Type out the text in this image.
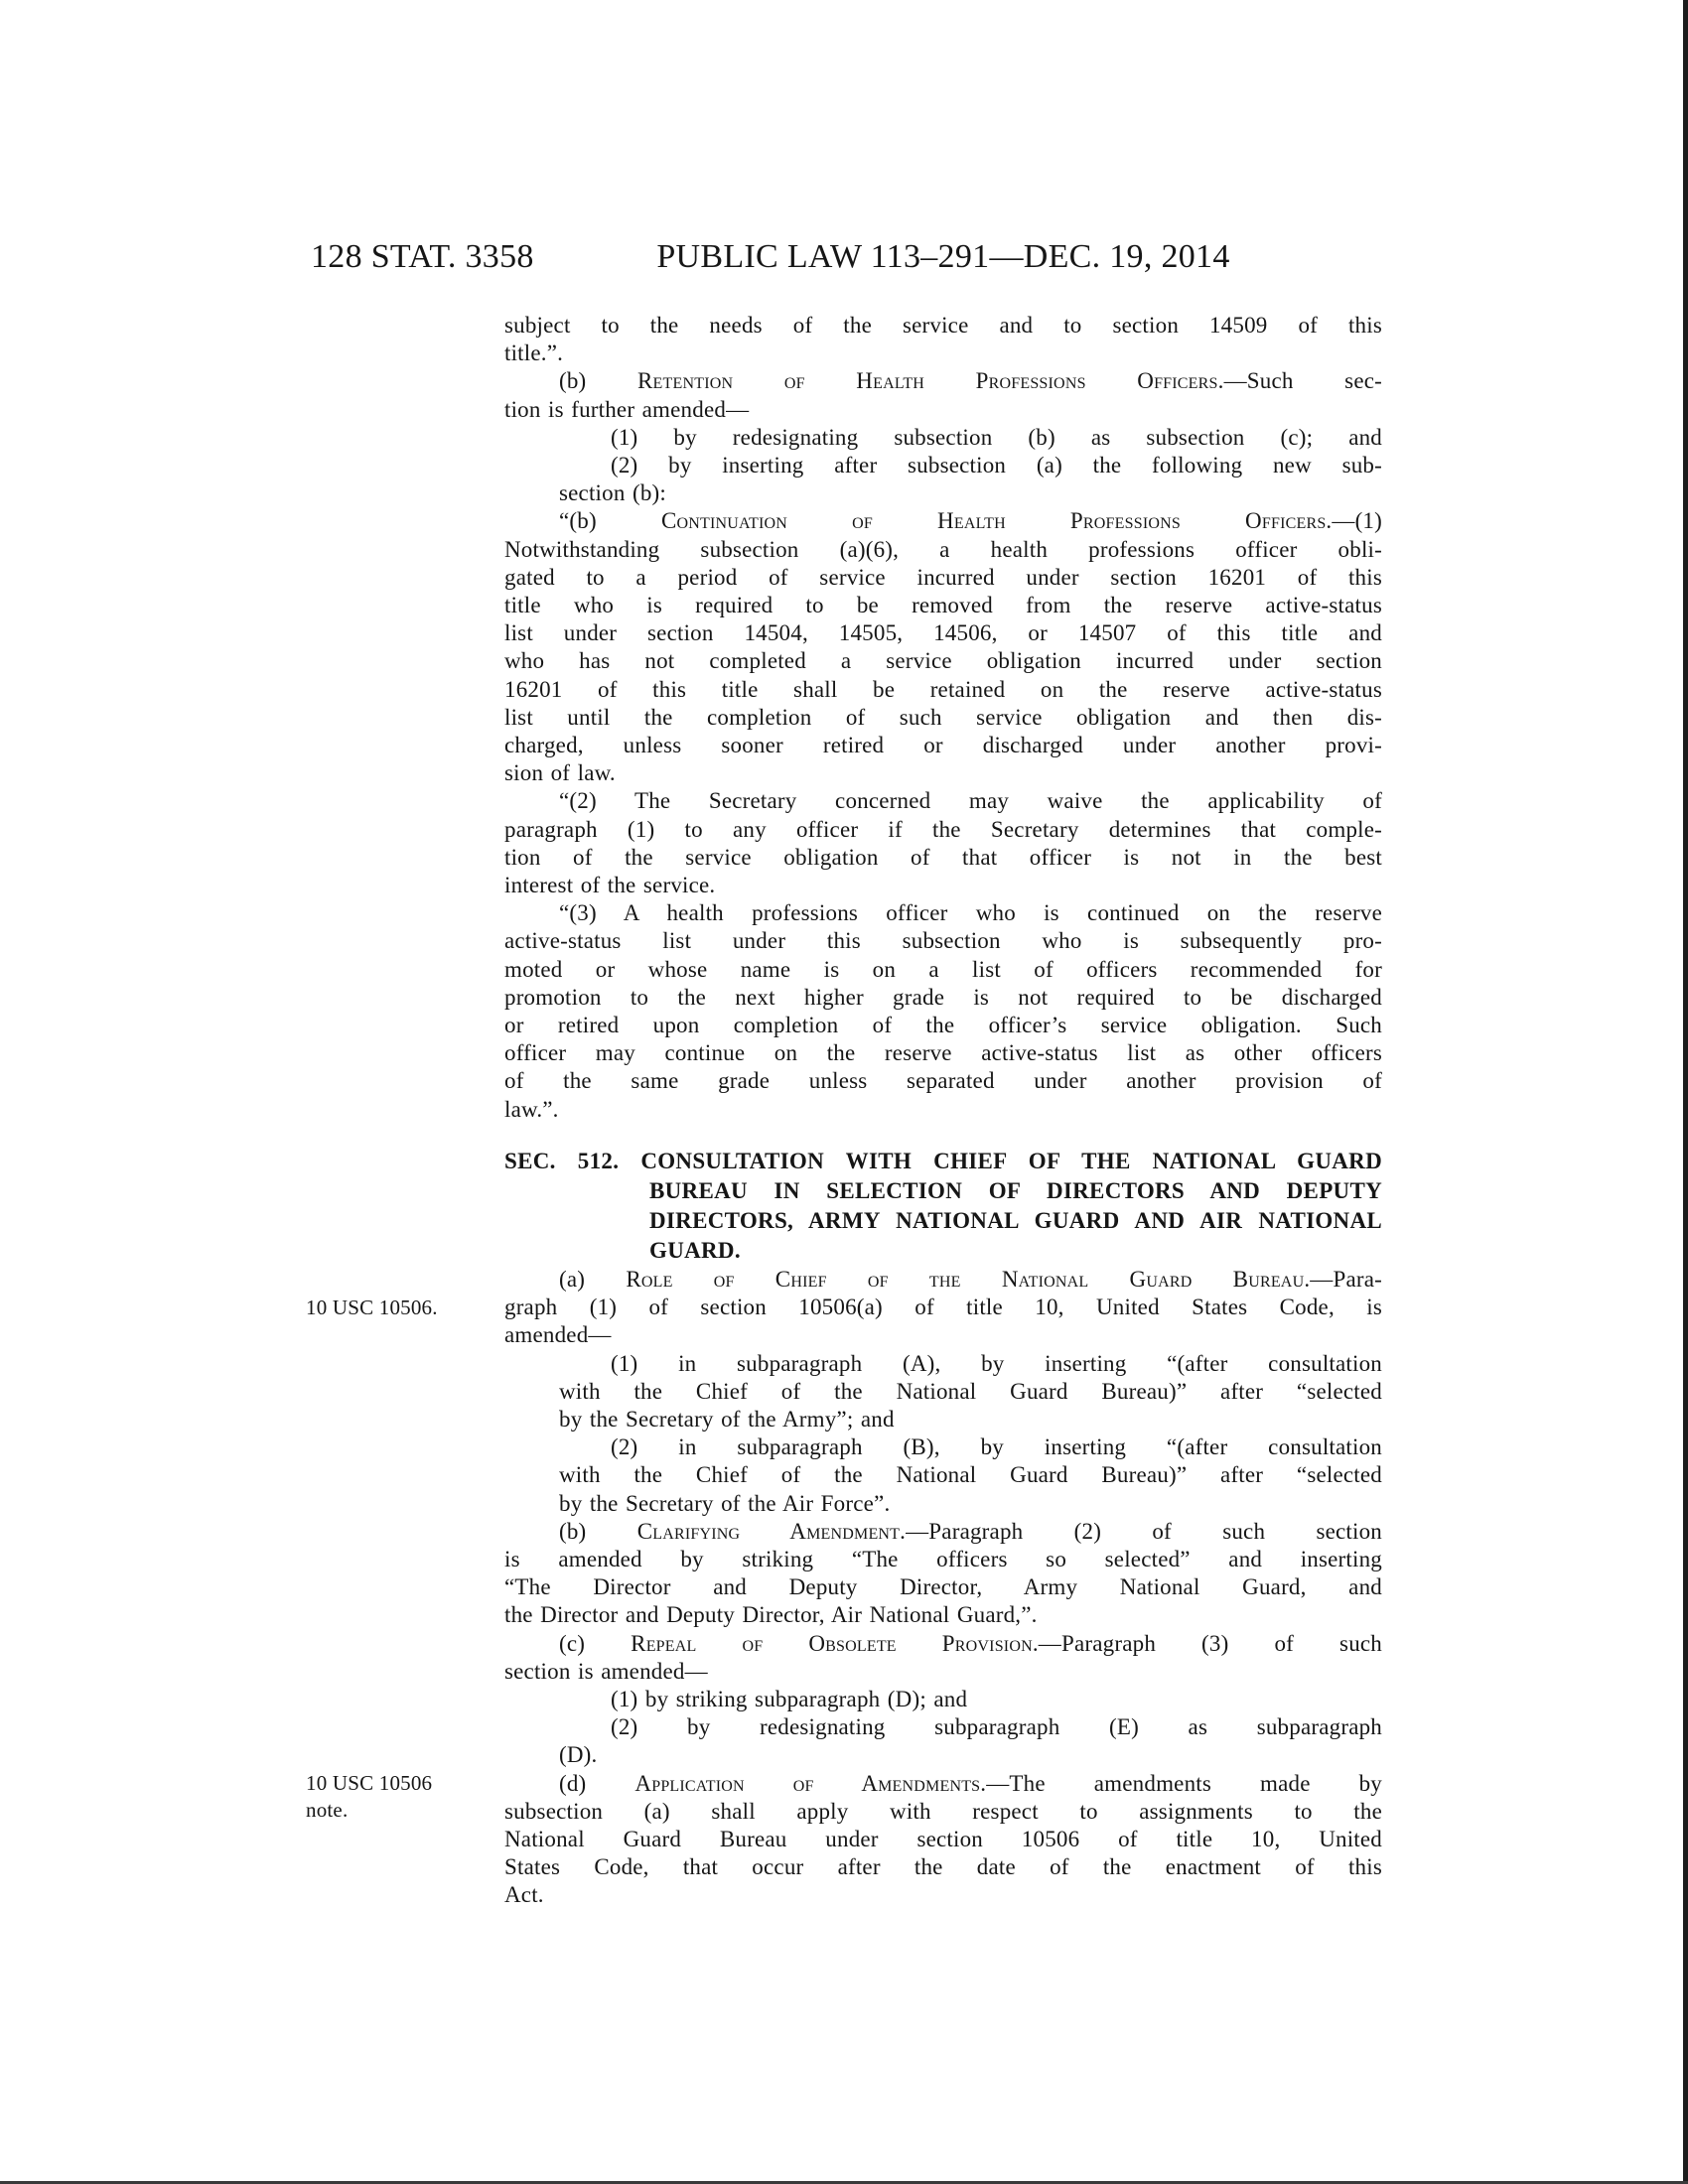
128 STAT. 3358	PUBLIC LAW 113–291—DEC. 19, 2014
10 USC 10506.
10 USC 10506
note.
subject to the needs of the service and to section 14509 of this
title.”.
(b) Retention of Health Professions Officers.—Such sec-
tion is further amended—
(1) by redesignating subsection (b) as subsection (c); and
(2) by inserting after subsection (a) the following new sub-
section (b):
“(b) Continuation of Health Professions Officers.—(1)
Notwithstanding subsection (a)(6), a health professions officer obli-
gated to a period of service incurred under section 16201 of this
title who is required to be removed from the reserve active-status
list under section 14504, 14505, 14506, or 14507 of this title and
who has not completed a service obligation incurred under section
16201 of this title shall be retained on the reserve active-status
list until the completion of such service obligation and then dis-
charged, unless sooner retired or discharged under another provi-
sion of law.
“(2) The Secretary concerned may waive the applicability of
paragraph (1) to any officer if the Secretary determines that comple-
tion of the service obligation of that officer is not in the best
interest of the service.
“(3) A health professions officer who is continued on the reserve
active-status list under this subsection who is subsequently pro-
moted or whose name is on a list of officers recommended for
promotion to the next higher grade is not required to be discharged
or retired upon completion of the officer’s service obligation. Such
officer may continue on the reserve active-status list as other officers
of the same grade unless separated under another provision of
law.”.
SEC. 512. CONSULTATION WITH CHIEF OF THE NATIONAL GUARD
BUREAU IN SELECTION OF DIRECTORS AND DEPUTY
DIRECTORS, ARMY NATIONAL GUARD AND AIR NATIONAL
GUARD.
(a) Role of Chief of the National Guard Bureau.—Para-
graph (1) of section 10506(a) of title 10, United States Code, is
amended—
(1) in subparagraph (A), by inserting “(after consultation
with the Chief of the National Guard Bureau)” after “selected
by the Secretary of the Army”; and
(2) in subparagraph (B), by inserting “(after consultation
with the Chief of the National Guard Bureau)” after “selected
by the Secretary of the Air Force”.
(b) Clarifying Amendment.—Paragraph (2) of such section
is amended by striking “The officers so selected” and inserting
“The Director and Deputy Director, Army National Guard, and
the Director and Deputy Director, Air National Guard,”.
(c) Repeal of Obsolete Provision.—Paragraph (3) of such
section is amended—
(1) by striking subparagraph (D); and
(2) by redesignating subparagraph (E) as subparagraph
(D).
(d) Application of Amendments.—The amendments made by
subsection (a) shall apply with respect to assignments to the
National Guard Bureau under section 10506 of title 10, United
States Code, that occur after the date of the enactment of this
Act.
